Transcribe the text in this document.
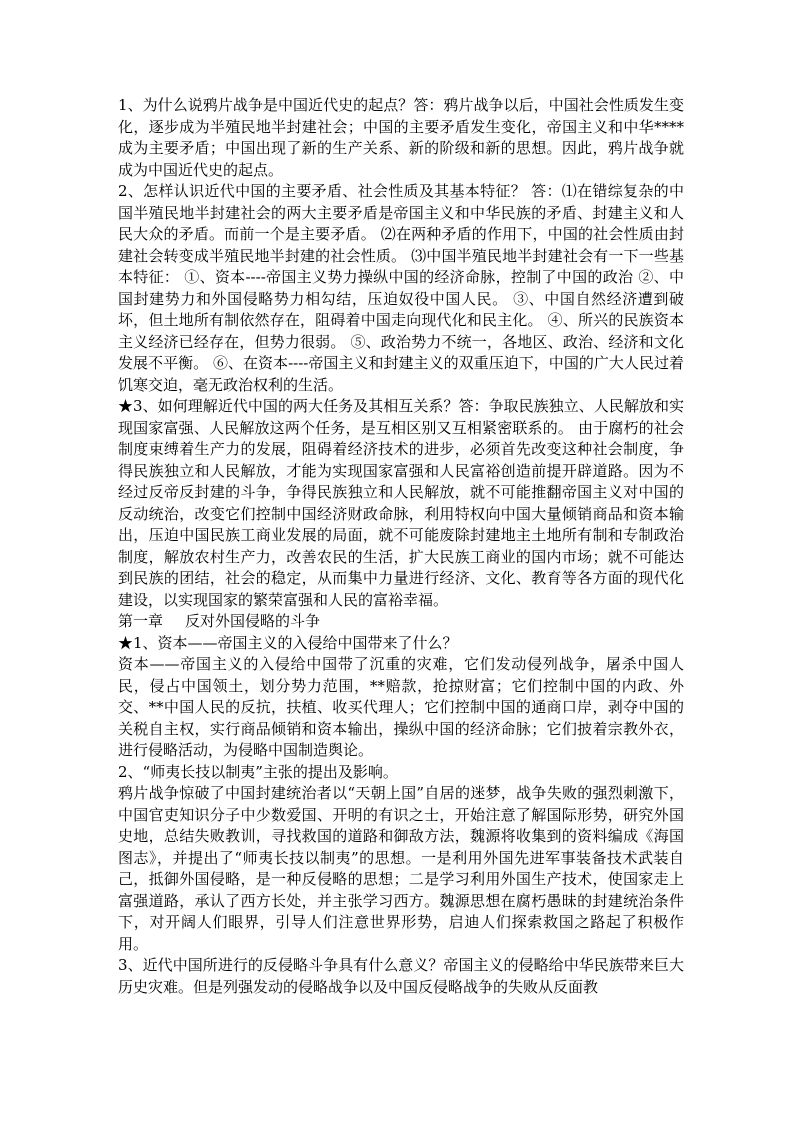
1、为什么说鸦片战争是中国近代史的起点？答：鸦片战争以后，中国社会性质发生变化，逐步成为半殖民地半封建社会；中国的主要矛盾发生变化，帝国主义和中华****成为主要矛盾；中国出现了新的生产关系、新的阶级和新的思想。因此，鸦片战争就成为中国近代史的起点。

2、怎样认识近代中国的主要矛盾、社会性质及其基本特征？ 答：⑴在错综复杂的中国半殖民地半封建社会的两大主要矛盾是帝国主义和中华民族的矛盾、封建主义和人民大众的矛盾。而前一个是主要矛盾。 ⑵在两种矛盾的作用下，中国的社会性质由封建社会转变成半殖民地半封建的社会性质。 ⑶中国半殖民地半封建社会有一下一些基本特征： ①、资本----帝国主义势力操纵中国的经济命脉，控制了中国的政治 ②、中国封建势力和外国侵略势力相勾结，压迫奴役中国人民。 ③、中国自然经济遭到破坏，但土地所有制依然存在，阻碍着中国走向现代化和民主化。 ④、所兴的民族资本主义经济已经存在，但势力很弱。 ⑤、政治势力不统一，各地区、政治、经济和文化发展不平衡。 ⑥、在资本----帝国主义和封建主义的双重压迫下，中国的广大人民过着饥寒交迫，毫无政治权利的生活。

★3、如何理解近代中国的两大任务及其相互关系？答：争取民族独立、人民解放和实现国家富强、人民解放这两个任务，是互相区别又互相紧密联系的。 由于腐朽的社会制度束缚着生产力的发展，阻碍着经济技术的进步，必须首先改变这种社会制度，争得民族独立和人民解放，才能为实现国家富强和人民富裕创造前提开辟道路。因为不经过反帝反封建的斗争，争得民族独立和人民解放，就不可能推翻帝国主义对中国的反动统治，改变它们控制中国经济财政命脉，利用特权向中国大量倾销商品和资本输出，压迫中国民族工商业发展的局面，就不可能废除封建地主土地所有制和专制政治制度，解放农村生产力，改善农民的生活，扩大民族工商业的国内市场；就不可能达到民族的团结，社会的稳定，从而集中力量进行经济、文化、教育等各方面的现代化建设，以实现国家的繁荣富强和人民的富裕幸福。

第一章 反对外国侵略的斗争

★1、资本——帝国主义的入侵给中国带来了什么？

资本——帝国主义的入侵给中国带了沉重的灾难，它们发动侵列战争，屠杀中国人民，侵占中国领土，划分势力范围，**赔款，抢掠财富；它们控制中国的内政、外交、**中国人民的反抗，扶植、收买代理人；它们控制中国的通商口岸，剥夺中国的关税自主权，实行商品倾销和资本输出，操纵中国的经济命脉；它们披着宗教外衣，进行侵略活动，为侵略中国制造舆论。

2、“师夷长技以制夷”主张的提出及影响。

鸦片战争惊破了中国封建统治者以“天朝上国”自居的迷梦，战争失败的强烈刺激下，中国官吏知识分子中少数爱国、开明的有识之士，开始注意了解国际形势，研究外国史地，总结失败教训，寻找救国的道路和御敌方法，魏源将收集到的资料编成《海国图志》，并提出了“师夷长技以制夷”的思想。一是利用外国先进军事装备技术武装自己，抵御外国侵略，是一种反侵略的思想；二是学习利用外国生产技术，使国家走上富强道路，承认了西方长处，并主张学习西方。魏源思想在腐朽愚昧的封建统治条件下，对开阔人们眼界，引导人们注意世界形势，启迪人们探索救国之路起了积极作用。

3、近代中国所进行的反侵略斗争具有什么意义？帝国主义的侵略给中华民族带来巨大历史灾难。但是列强发动的侵略战争以及中国反侵略战争的失败从反面教
